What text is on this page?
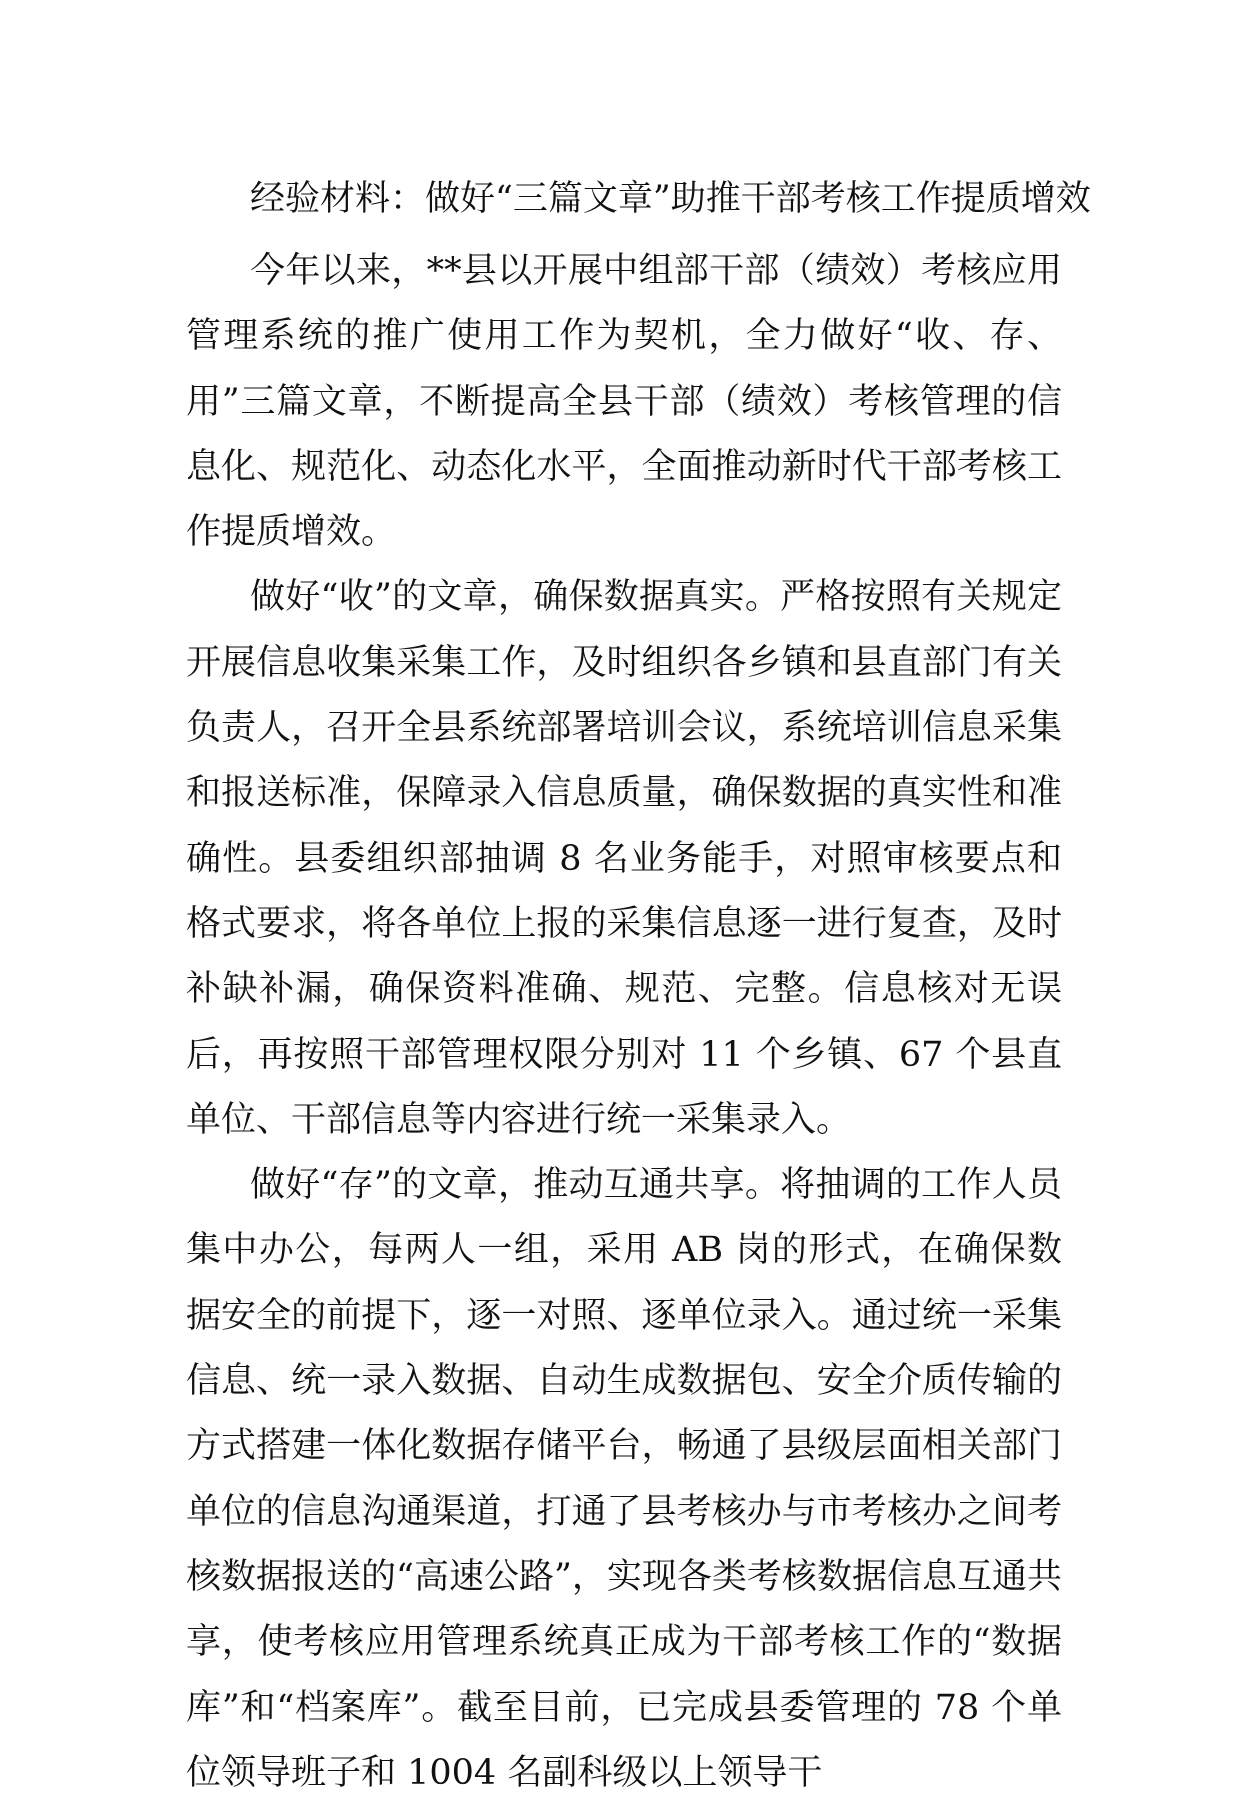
经验材料：做好“三篇文章”助推干部考核工作提质增效

今年以来，**县以开展中组部干部（绩效）考核应用管理系统的推广使用工作为契机，全力做好“收、存、用”三篇文章，不断提高全县干部（绩效）考核管理的信息化、规范化、动态化水平，全面推动新时代干部考核工作提质增效。

做好“收”的文章，确保数据真实。严格按照有关规定开展信息收集采集工作，及时组织各乡镇和县直部门有关负责人，召开全县系统部署培训会议，系统培训信息采集和报送标准，保障录入信息质量，确保数据的真实性和准确性。县委组织部抽调 8 名业务能手，对照审核要点和格式要求，将各单位上报的采集信息逐一进行复查，及时补缺补漏，确保资料准确、规范、完整。信息核对无误后，再按照干部管理权限分别对 11 个乡镇、67 个县直单位、干部信息等内容进行统一采集录入。

做好“存”的文章，推动互通共享。将抽调的工作人员集中办公，每两人一组，采用 AB 岗的形式，在确保数据安全的前提下，逐一对照、逐单位录入。通过统一采集信息、统一录入数据、自动生成数据包、安全介质传输的方式搭建一体化数据存储平台，畅通了县级层面相关部门单位的信息沟通渠道，打通了县考核办与市考核办之间考核数据报送的“高速公路”，实现各类考核数据信息互通共享，使考核应用管理系统真正成为干部考核工作的“数据库”和“档案库”。截至目前，已完成县委管理的 78 个单位领导班子和 1004 名副科级以上领导干
